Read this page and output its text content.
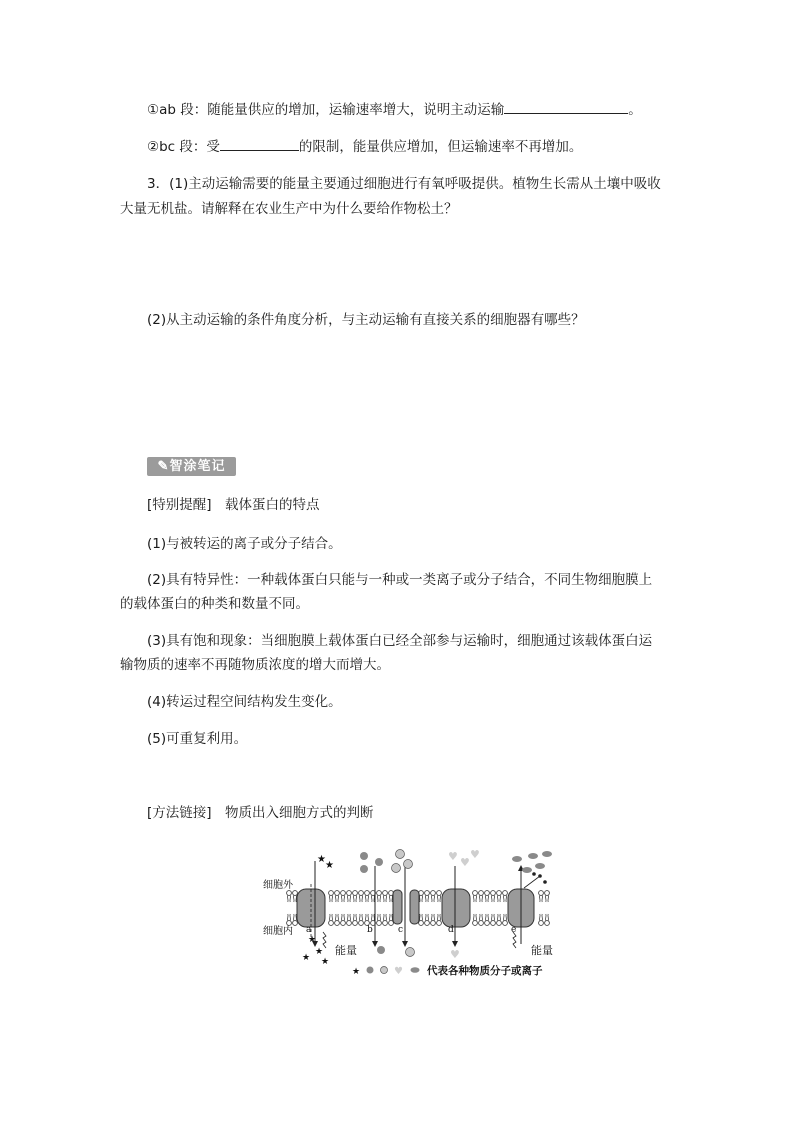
①ab 段：随能量供应的增加，运输速率增大，说明主动运输	。
②bc 段：受	的限制，能量供应增加，但运输速率不再增加。
3．(1)主动运输需要的能量主要通过细胞进行有氧呼吸提供。植物生长需从土壤中吸收
大量无机盐。请解释在农业生产中为什么要给作物松土？
(2)从主动运输的条件角度分析，与主动运输有直接关系的细胞器有哪些？
✎智涂笔记
[特别提醒]　载体蛋白的特点
(1)与被转运的离子或分子结合。
(2)具有特异性：一种载体蛋白只能与一种或一类离子或分子结合，不同生物细胞膜上
的载体蛋白的种类和数量不同。
(3)具有饱和现象：当细胞膜上载体蛋白已经全部参与运输时，细胞通过该载体蛋白运
输物质的速率不再随物质浓度的增大而增大。
(4)转运过程空间结构发生变化。
(5)可重复利用。
[方法链接]　物质出入细胞方式的判断
★
★
★
★
★ ★
♥ ♥
♥
♥
细胞外
细胞内
能量	能量
a	b	c	d	e
★	♥ 代表各种物质分子或离子
